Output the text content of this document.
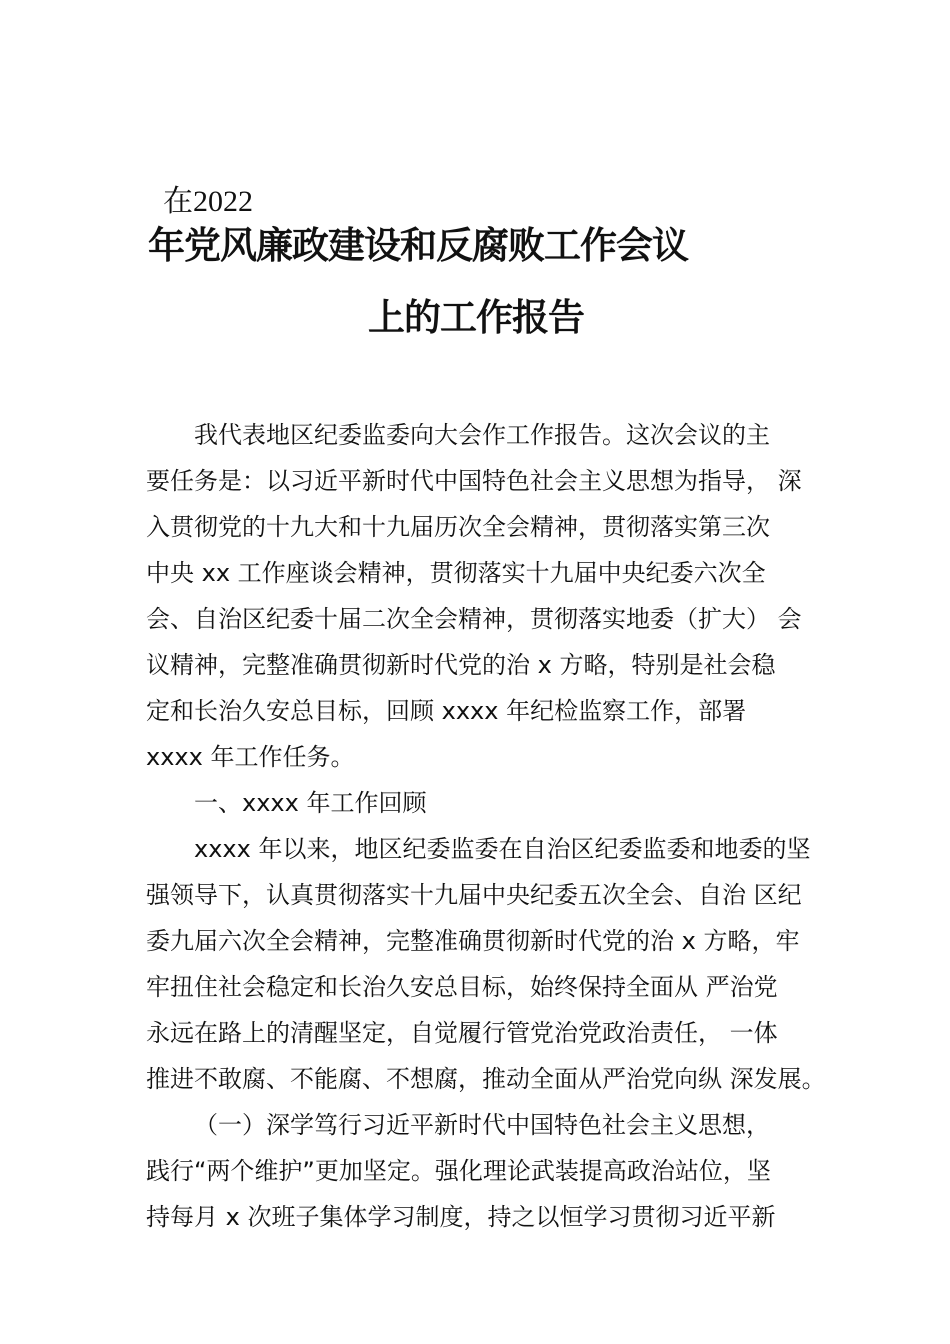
在2022
年党风廉政建设和反腐败工作会议
上的工作报告
我代表地区纪委监委向大会作工作报告。这次会议的主
要任务是：以习近平新时代中国特色社会主义思想为指导， 深
入贯彻党的十九大和十九届历次全会精神，贯彻落实第三次
中央 xx 工作座谈会精神，贯彻落实十九届中央纪委六次全
会、自治区纪委十届二次全会精神，贯彻落实地委（扩大） 会
议精神，完整准确贯彻新时代党的治 x 方略，特别是社会稳
定和长治久安总目标，回顾 xxxx 年纪检监察工作，部署
xxxx 年工作任务。
一、xxxx 年工作回顾
xxxx 年以来，地区纪委监委在自治区纪委监委和地委的坚
强领导下，认真贯彻落实十九届中央纪委五次全会、自治 区纪
委九届六次全会精神，完整准确贯彻新时代党的治 x 方略，牢
牢扭住社会稳定和长治久安总目标，始终保持全面从 严治党
永远在路上的清醒坚定，自觉履行管党治党政治责任， 一体
推进不敢腐、不能腐、不想腐，推动全面从严治党向纵 深发展。
（一）深学笃行习近平新时代中国特色社会主义思想，
践行“两个维护”更加坚定。强化理论武装提高政治站位，坚
持每月 x 次班子集体学习制度，持之以恒学习贯彻习近平新
